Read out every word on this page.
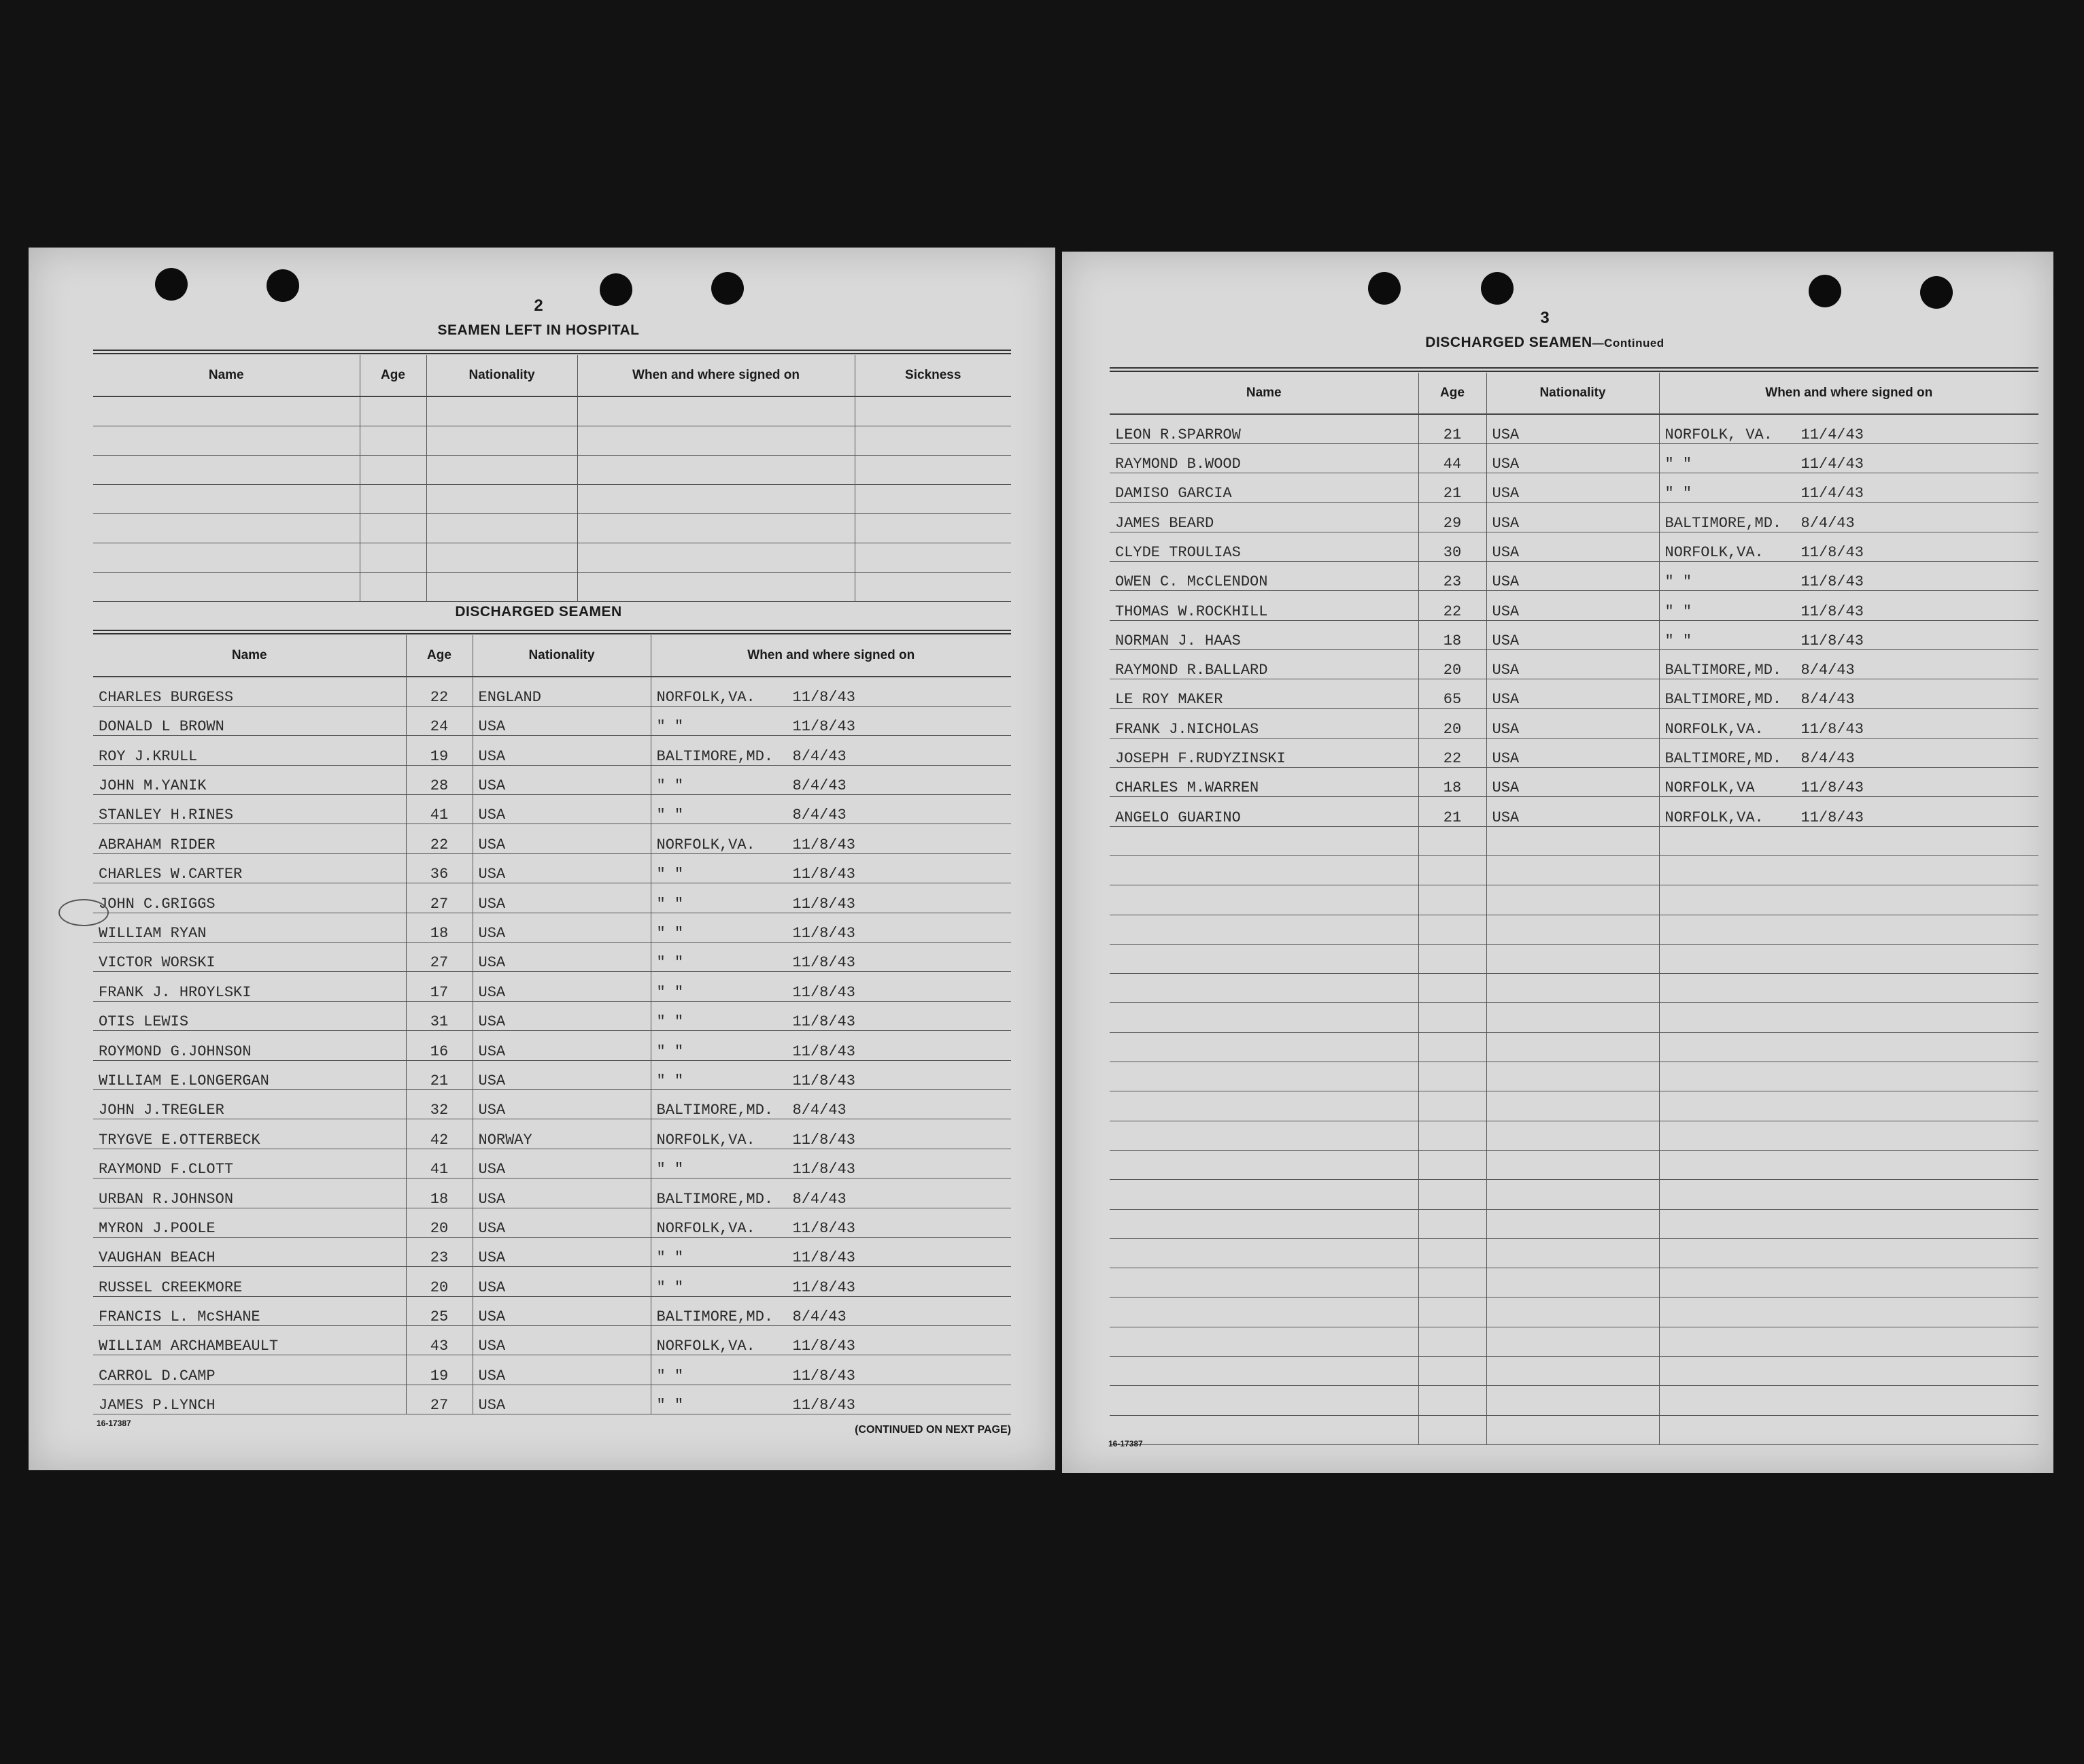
2
SEAMEN LEFT IN HOSPITAL
Name	Age	Nationality	When and where signed on	Sickness

DISCHARGED SEAMEN
Name	Age	Nationality	When and where signed on
CHARLES BURGESS	22	ENGLAND	NORFOLK,VA. 11/8/43
DONALD L BROWN	24	USA	" " 11/8/43
ROY J.KRULL	19	USA	BALTIMORE,MD. 8/4/43
JOHN M.YANIK	28	USA	" " 8/4/43
STANLEY H.RINES	41	USA	" " 8/4/43
ABRAHAM RIDER	22	USA	NORFOLK,VA. 11/8/43
CHARLES W.CARTER	36	USA	" " 11/8/43
JOHN C.GRIGGS	27	USA	" " 11/8/43
WILLIAM RYAN	18	USA	" " 11/8/43
VICTOR WORSKI	27	USA	" " 11/8/43
FRANK J. HROYLSKI	17	USA	" " 11/8/43
OTIS LEWIS	31	USA	" " 11/8/43
ROYMOND G.JOHNSON	16	USA	" " 11/8/43
WILLIAM E.LONGERGAN	21	USA	" " 11/8/43
JOHN J.TREGLER	32	USA	BALTIMORE,MD. 8/4/43
TRYGVE E.OTTERBECK	42	NORWAY	NORFOLK,VA. 11/8/43
RAYMOND F.CLOTT	41	USA	" " 11/8/43
URBAN R.JOHNSON	18	USA	BALTIMORE,MD. 8/4/43
MYRON J.POOLE	20	USA	NORFOLK,VA. 11/8/43
VAUGHAN BEACH	23	USA	" " 11/8/43
RUSSEL CREEKMORE	20	USA	" " 11/8/43
FRANCIS L. McSHANE	25	USA	BALTIMORE,MD. 8/4/43
WILLIAM ARCHAMBEAULT	43	USA	NORFOLK,VA. 11/8/43
CARROL D.CAMP	19	USA	" " 11/8/43
JAMES P.LYNCH	27	USA	" " 11/8/43
16-17387
(CONTINUED ON NEXT PAGE)
3
DISCHARGED SEAMEN—Continued
Name	Age	Nationality	When and where signed on
LEON R.SPARROW	21	USA	NORFOLK, VA. 11/4/43
RAYMOND B.WOOD	44	USA	" " 11/4/43
DAMISO GARCIA	21	USA	" " 11/4/43
JAMES BEARD	29	USA	BALTIMORE,MD. 8/4/43
CLYDE TROULIAS	30	USA	NORFOLK,VA. 11/8/43
OWEN C. McCLENDON	23	USA	" " 11/8/43
THOMAS W.ROCKHILL	22	USA	" " 11/8/43
NORMAN J. HAAS	18	USA	" " 11/8/43
RAYMOND R.BALLARD	20	USA	BALTIMORE,MD. 8/4/43
LE ROY MAKER	65	USA	BALTIMORE,MD. 8/4/43
FRANK J.NICHOLAS	20	USA	NORFOLK,VA. 11/8/43
JOSEPH F.RUDYZINSKI	22	USA	BALTIMORE,MD. 8/4/43
CHARLES M.WARREN	18	USA	NORFOLK,VA 11/8/43
ANGELO GUARINO	21	USA	NORFOLK,VA. 11/8/43

16-17387
